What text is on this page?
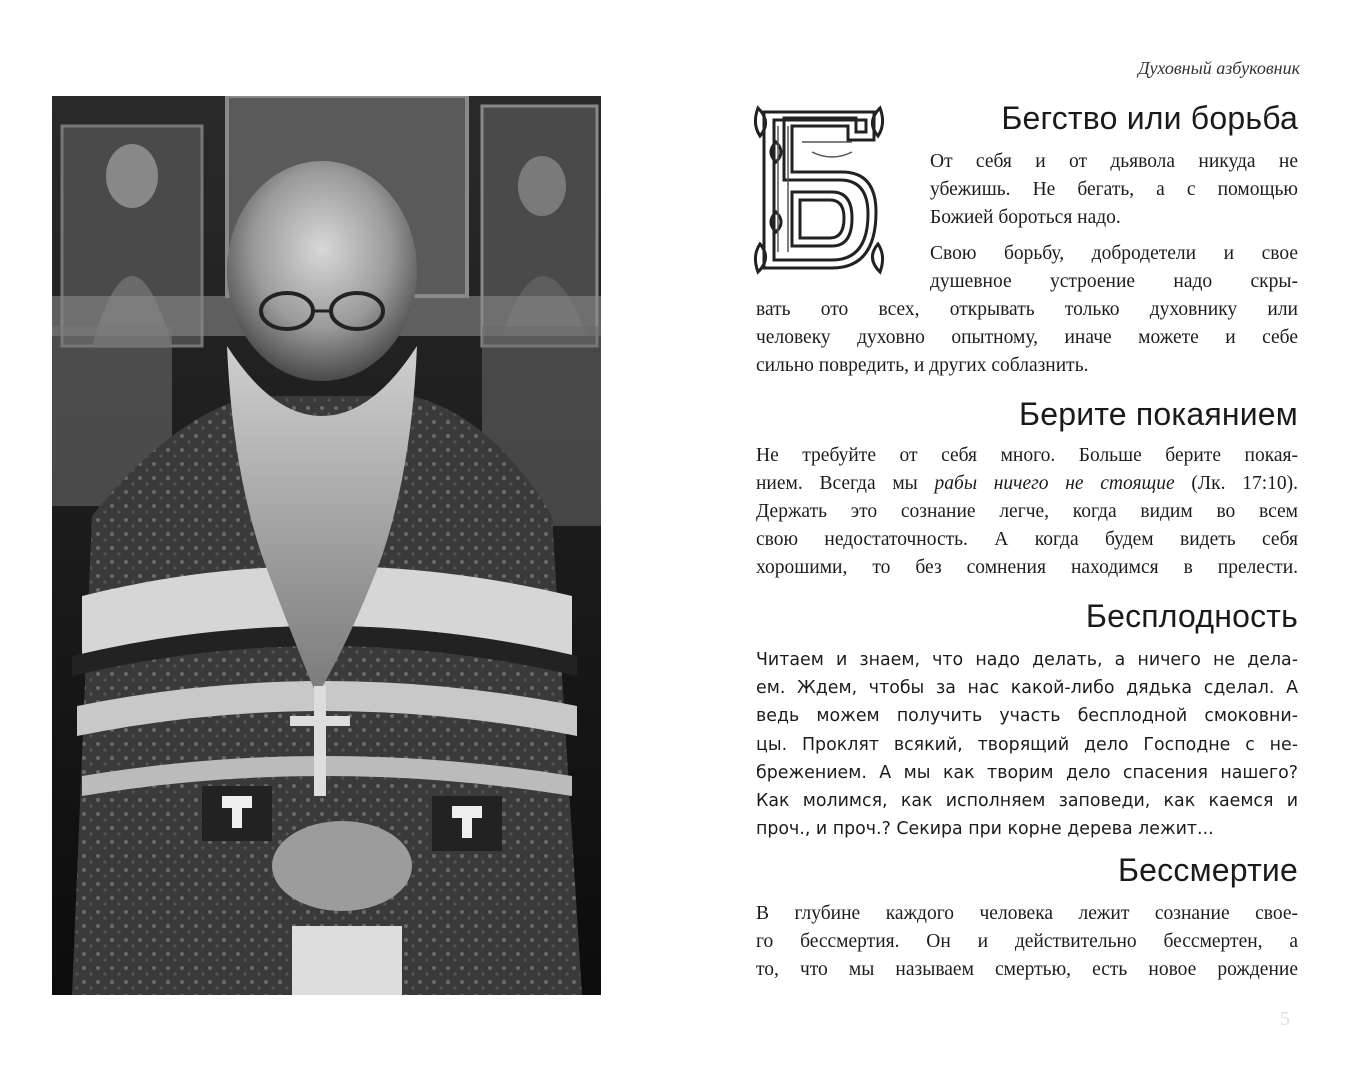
Духовный азбуковник
Бегство или борьба
От себя и от дьявола никуда не
убежишь. Не бегать, а с помощью
Божией бороться надо.
Свою борьбу, добродетели и свое
душевное устроение надо скры-
вать ото всех, открывать только духовнику или
человеку духовно опытному, иначе можете и себе
сильно повредить, и других соблазнить.
Берите покаянием
Не требуйте от себя много. Больше берите покая-
нием. Всегда мы рабы ничего не стоящие (Лк. 17:10).
Держать это сознание легче, когда видим во всем
свою недостаточность. А когда будем видеть себя
хорошими, то без сомнения находимся в прелести.
Бесплодность
Читаем и знаем, что надо делать, а ничего не дела-
ем. Ждем, чтобы за нас какой-либо дядька сделал. А
ведь можем получить участь бесплодной смоковни-
цы. Проклят всякий, творящий дело Господне с не-
брежением. А мы как творим дело спасения нашего?
Как молимся, как исполняем заповеди, как каемся и
проч., и проч.? Секира при корне дерева лежит...
Бессмертие
В глубине каждого человека лежит сознание свое-
го бессмертия. Он и действительно бессмертен, а
то, что мы называем смертью, есть новое рождение
5
